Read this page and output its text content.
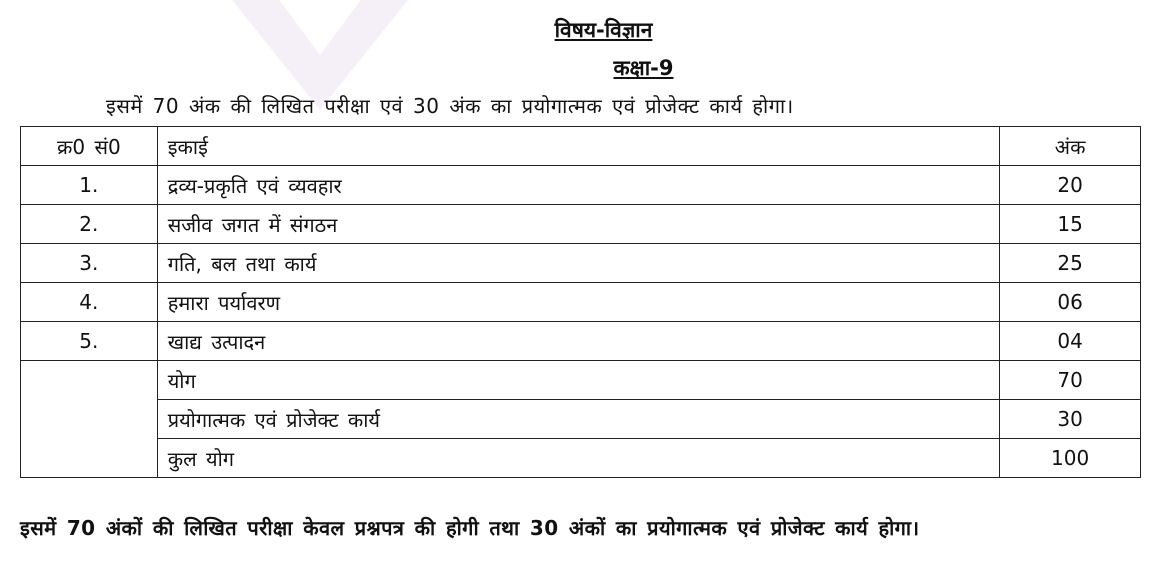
विषय-विज्ञान
कक्षा-9
इसमें 70 अंक की लिखित परीक्षा एवं 30 अंक का प्रयोगात्मक एवं प्रोजेक्ट कार्य होगा।
क्र0 सं0	इकाई	अंक
1.	द्रव्य-प्रकृति एवं व्यवहार	20
2.	सजीव जगत में संगठन	15
3.	गति, बल तथा कार्य	25
4.	हमारा पर्यावरण	06
5.	खाद्य उत्पादन	04
	योग	70
	प्रयोगात्मक एवं प्रोजेक्ट कार्य	30
	कुल योग	100
इसमें 70 अंकों की लिखित परीक्षा केवल प्रश्नपत्र की होगी तथा 30 अंकों का प्रयोगात्मक एवं प्रोजेक्ट कार्य होगा।
